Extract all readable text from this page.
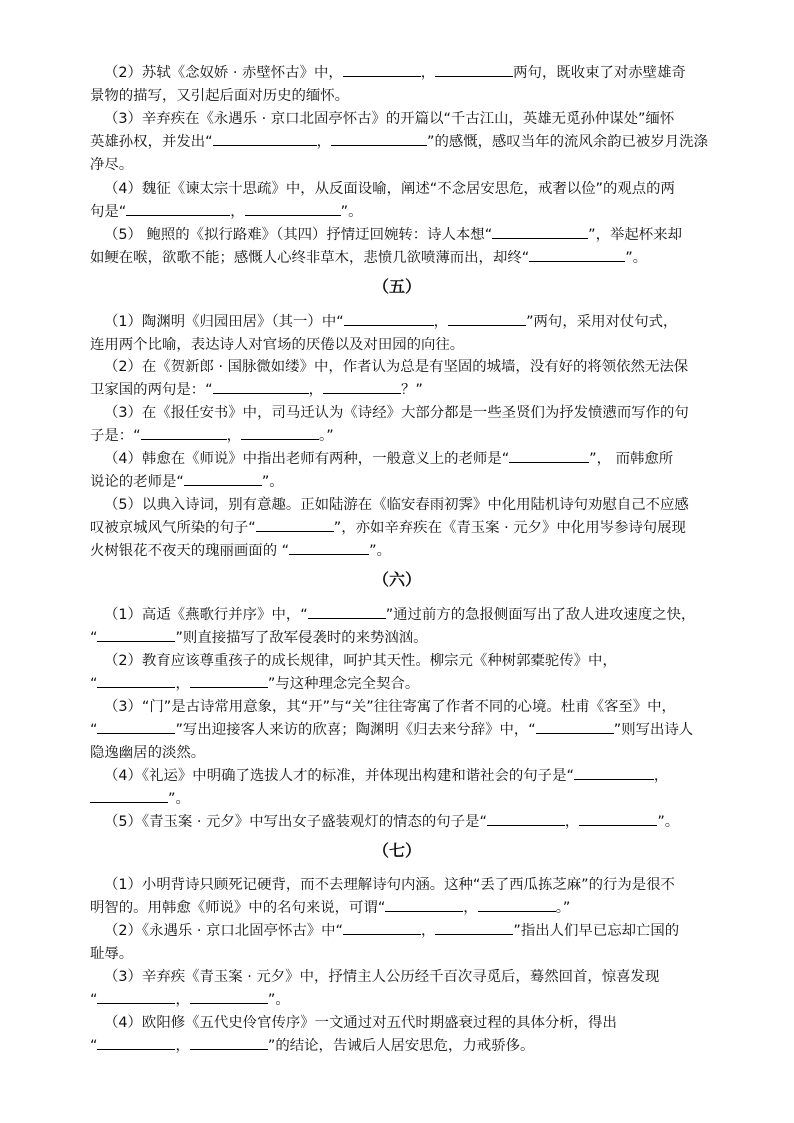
（2）苏轼《念奴娇 · 赤壁怀古》中，	，	两句，既收束了对赤壁雄奇
景物的描写，又引起后面对历史的缅怀。
（3）辛弃疾在《永遇乐 · 京口北固亭怀古》的开篇以“千古江山，英雄无觅孙仲谋处”缅怀
英雄孙权，并发出“	，	”的感慨，感叹当年的流风余韵已被岁月洗涤
净尽。
（4）魏征《谏太宗十思疏》中，从反面设喻，阐述“不念居安思危，戒奢以俭”的观点的两
句是“	，	”。
（5） 鲍照的《拟行路难》（其四）抒情迂回婉转：诗人本想“	”，举起杯来却
如鲠在喉，欲歌不能；感慨人心终非草木，悲愤几欲喷薄而出，却终“	”。
（五）
（1）陶渊明《归园田居》（其一）中“	，	”两句，采用对仗句式，
连用两个比喻，表达诗人对官场的厌倦以及对田园的向往。
（2）在《贺新郎 · 国脉微如缕》中，作者认为总是有坚固的城墙，没有好的将领依然无法保
卫家国的两句是：“	，	？”
（3）在《报任安书》中，司马迁认为《诗经》大部分都是一些圣贤们为抒发愤懑而写作的句
子是：“	，	。”
（4）韩愈在《师说》中指出老师有两种，一般意义上的老师是“	”， 而韩愈所
说论的老师是“	”。
（5）以典入诗词，别有意趣。正如陆游在《临安春雨初霁》中化用陆机诗句劝慰自己不应感
叹被京城风气所染的句子“	”，亦如辛弃疾在《青玉案 · 元夕》中化用岑参诗句展现
火树银花不夜天的瑰丽画面的 “	”。
（六）
（1）高适《燕歌行并序》中，“	”通过前方的急报侧面写出了敌人进攻速度之快，
“	”则直接描写了敌军侵袭时的来势汹汹。
（2）教育应该尊重孩子的成长规律，呵护其天性。柳宗元《种树郭橐驼传》中，
“	，	”与这种理念完全契合。
（3）“门”是古诗常用意象，其“开”与“关”往往寄寓了作者不同的心境。杜甫《客至》中，
“	”写出迎接客人来访的欣喜；陶渊明《归去来兮辞》中，“	”则写出诗人
隐逸幽居的淡然。
（4）《礼运》中明确了选拔人才的标准，并体现出构建和谐社会的句子是“	，
”。
（5）《青玉案 · 元夕》中写出女子盛装观灯的情态的句子是“	，	”。
（七）
（1）小明背诗只顾死记硬背，而不去理解诗句内涵。这种“丢了西瓜拣芝麻”的行为是很不
明智的。用韩愈《师说》中的名句来说，可谓“	，	。”
（2）《永遇乐 · 京口北固亭怀古》中“	，	”指出人们早已忘却亡国的
耻辱。
（3）辛弃疾《青玉案 · 元夕》中，抒情主人公历经千百次寻觅后，蓦然回首，惊喜发现
“	，	”。
（4）欧阳修《五代史伶官传序》一文通过对五代时期盛衰过程的具体分析，得出
“	，	”的结论，告诫后人居安思危，力戒骄侈。
